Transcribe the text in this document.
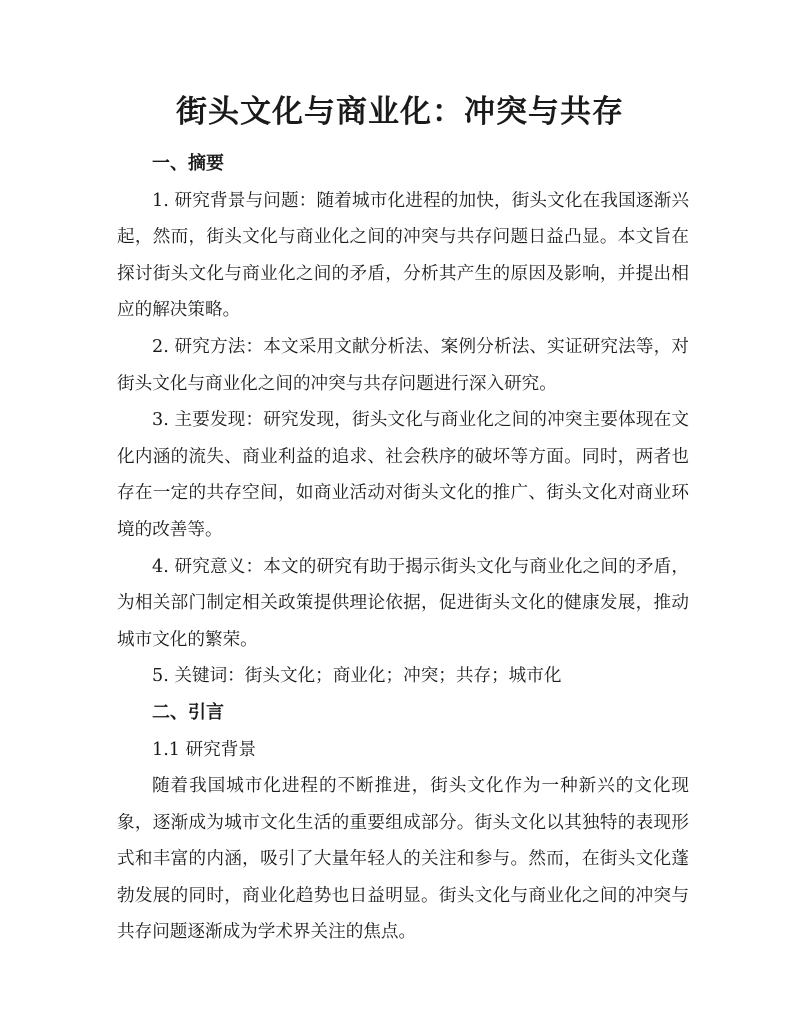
街头文化与商业化：冲突与共存

一、摘要

1. 研究背景与问题：随着城市化进程的加快，街头文化在我国逐渐兴起，然而，街头文化与商业化之间的冲突与共存问题日益凸显。本文旨在探讨街头文化与商业化之间的矛盾，分析其产生的原因及影响，并提出相应的解决策略。

2. 研究方法：本文采用文献分析法、案例分析法、实证研究法等，对街头文化与商业化之间的冲突与共存问题进行深入研究。

3. 主要发现：研究发现，街头文化与商业化之间的冲突主要体现在文化内涵的流失、商业利益的追求、社会秩序的破坏等方面。同时，两者也存在一定的共存空间，如商业活动对街头文化的推广、街头文化对商业环境的改善等。

4. 研究意义：本文的研究有助于揭示街头文化与商业化之间的矛盾，为相关部门制定相关政策提供理论依据，促进街头文化的健康发展，推动城市文化的繁荣。

5. 关键词：街头文化；商业化；冲突；共存；城市化

二、引言

1.1 研究背景

随着我国城市化进程的不断推进，街头文化作为一种新兴的文化现象，逐渐成为城市文化生活的重要组成部分。街头文化以其独特的表现形式和丰富的内涵，吸引了大量年轻人的关注和参与。然而，在街头文化蓬勃发展的同时，商业化趋势也日益明显。街头文化与商业化之间的冲突与共存问题逐渐成为学术界关注的焦点。
